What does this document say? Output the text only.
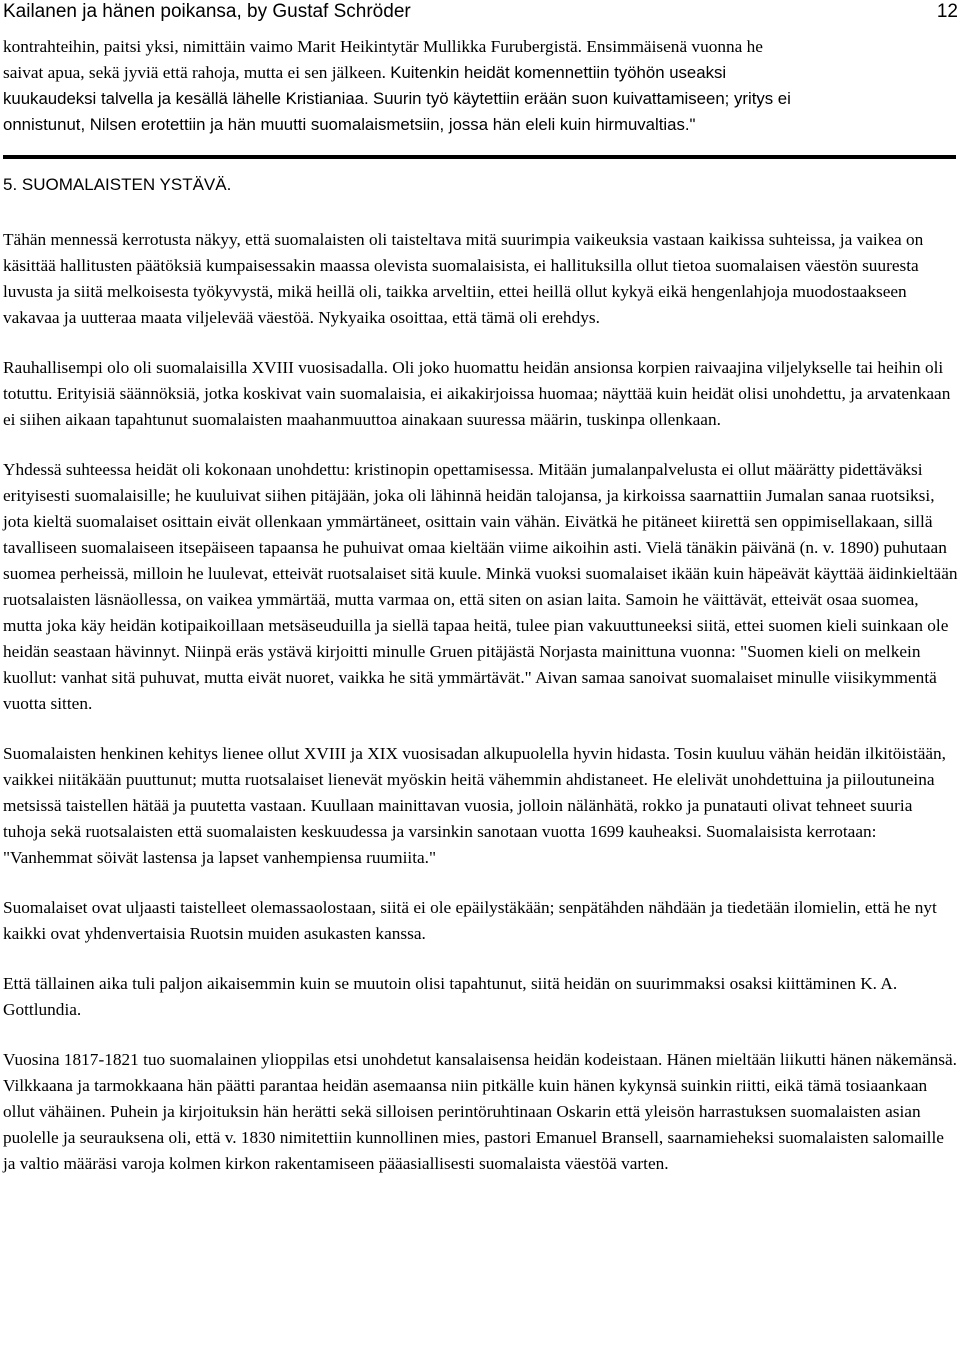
Kailanen ja hänen poikansa, by Gustaf Schröder	12

kontrahteihin, paitsi yksi, nimittäin vaimo Marit Heikintytär Mullikka Furubergistä. Ensimmäisenä vuonna he

saivat apua, sekä jyviä että rahoja, mutta ei sen jälkeen. Kuitenkin heidät komennettiin työhön useaksi

kuukaudeksi talvella ja kesällä lähelle Kristianiaa. Suurin työ käytettiin erään suon kuivattamiseen; yritys ei

onnistunut, Nilsen erotettiin ja hän muutti suomalaismetsiin, jossa hän eleli kuin hirmuvaltias."

5. SUOMALAISTEN YSTÄVÄ.

Tähän mennessä kerrotusta näkyy, että suomalaisten oli taisteltava mitä suurimpia vaikeuksia vastaan kaikissa suhteissa, ja vaikea on käsittää hallitusten päätöksiä kumpaisessakin maassa olevista suomalaisista, ei hallituksilla ollut tietoa suomalaisen väestön suuresta luvusta ja siitä melkoisesta työkyvystä, mikä heillä oli, taikka arveltiin, ettei heillä ollut kykyä eikä hengenlahjoja muodostaakseen vakavaa ja uutteraa maata viljelevää väestöä. Nykyaika osoittaa, että tämä oli erehdys.

Rauhallisempi olo oli suomalaisilla XVIII vuosisadalla. Oli joko huomattu heidän ansionsa korpien raivaajina viljelykselle tai heihin oli totuttu. Erityisiä säännöksiä, jotka koskivat vain suomalaisia, ei aikakirjoissa huomaa; näyttää kuin heidät olisi unohdettu, ja arvatenkaan ei siihen aikaan tapahtunut suomalaisten maahanmuuttoa ainakaan suuressa määrin, tuskinpa ollenkaan.

Yhdessä suhteessa heidät oli kokonaan unohdettu: kristinopin opettamisessa. Mitään jumalanpalvelusta ei ollut määrätty pidettäväksi erityisesti suomalaisille; he kuuluivat siihen pitäjään, joka oli lähinnä heidän talojansa, ja kirkoissa saarnattiin Jumalan sanaa ruotsiksi, jota kieltä suomalaiset osittain eivät ollenkaan ymmärtäneet, osittain vain vähän. Eivätkä he pitäneet kiirettä sen oppimisellakaan, sillä tavalliseen suomalaiseen itsepäiseen tapaansa he puhuivat omaa kieltään viime aikoihin asti. Vielä tänäkin päivänä (n. v. 1890) puhutaan suomea perheissä, milloin he luulevat, etteivät ruotsalaiset sitä kuule. Minkä vuoksi suomalaiset ikään kuin häpeävät käyttää äidinkieltään ruotsalaisten läsnäollessa, on vaikea ymmärtää, mutta varmaa on, että siten on asian laita. Samoin he väittävät, etteivät osaa suomea, mutta joka käy heidän kotipaikoillaan metsäseuduilla ja siellä tapaa heitä, tulee pian vakuuttuneeksi siitä, ettei suomen kieli suinkaan ole heidän seastaan hävinnyt. Niinpä eräs ystävä kirjoitti minulle Gruen pitäjästä Norjasta mainittuna vuonna: "Suomen kieli on melkein kuollut: vanhat sitä puhuvat, mutta eivät nuoret, vaikka he sitä ymmärtävät." Aivan samaa sanoivat suomalaiset minulle viisikymmentä vuotta sitten.

Suomalaisten henkinen kehitys lienee ollut XVIII ja XIX vuosisadan alkupuolella hyvin hidasta. Tosin kuuluu vähän heidän ilkitöistään, vaikkei niitäkään puuttunut; mutta ruotsalaiset lienevät myöskin heitä vähemmin ahdistaneet. He elelivät unohdettuina ja piiloutuneina metsissä taistellen hätää ja puutetta vastaan. Kuullaan mainittavan vuosia, jolloin nälänhätä, rokko ja punatauti olivat tehneet suuria tuhoja sekä ruotsalaisten että suomalaisten keskuudessa ja varsinkin sanotaan vuotta 1699 kauheaksi. Suomalaisista kerrotaan: "Vanhemmat söivät lastensa ja lapset vanhempiensa ruumiita."

Suomalaiset ovat uljaasti taistelleet olemassaolostaan, siitä ei ole epäilystäkään; senpätähden nähdään ja tiedetään ilomielin, että he nyt kaikki ovat yhdenvertaisia Ruotsin muiden asukasten kanssa.

Että tällainen aika tuli paljon aikaisemmin kuin se muutoin olisi tapahtunut, siitä heidän on suurimmaksi osaksi kiittäminen K. A. Gottlundia.

Vuosina 1817-1821 tuo suomalainen ylioppilas etsi unohdetut kansalaisensa heidän kodeistaan. Hänen mieltään liikutti hänen näkemänsä. Vilkkaana ja tarmokkaana hän päätti parantaa heidän asemaansa niin pitkälle kuin hänen kykynsä suinkin riitti, eikä tämä tosiaankaan ollut vähäinen. Puhein ja kirjoituksin hän herätti sekä silloisen perintöruhtinaan Oskarin että yleisön harrastuksen suomalaisten asian puolelle ja seurauksena oli, että v. 1830 nimitettiin kunnollinen mies, pastori Emanuel Bransell, saarnamieheksi suomalaisten salomaille ja valtio määräsi varoja kolmen kirkon rakentamiseen pääasiallisesti suomalaista väestöä varten.
